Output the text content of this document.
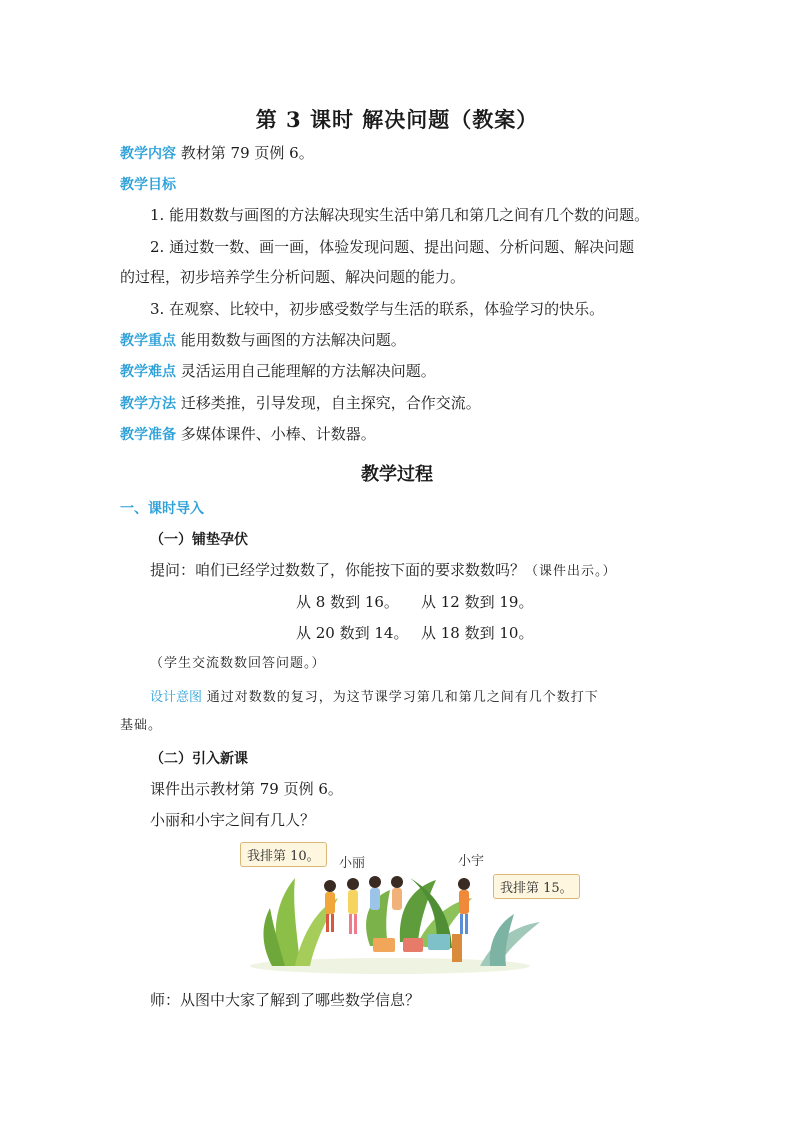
第 3 课时 解决问题（教案）
教学内容 教材第 79 页例 6。
教学目标
1. 能用数数与画图的方法解决现实生活中第几和第几之间有几个数的问题。
2. 通过数一数、画一画，体验发现问题、提出问题、分析问题、解决问题
的过程，初步培养学生分析问题、解决问题的能力。
3. 在观察、比较中，初步感受数学与生活的联系，体验学习的快乐。
教学重点 能用数数与画图的方法解决问题。
教学难点 灵活运用自己能理解的方法解决问题。
教学方法 迁移类推，引导发现，自主探究，合作交流。
教学准备 多媒体课件、小棒、计数器。
教学过程
一、课时导入
（一）铺垫孕伏
提问：咱们已经学过数数了，你能按下面的要求数数吗？（课件出示。）
从 8 数到 16。 从 12 数到 19。
从 20 数到 14。 从 18 数到 10。
（学生交流数数回答问题。）
设计意图 通过对数数的复习，为这节课学习第几和第几之间有几个数打下
基础。
（二）引入新课
课件出示教材第 79 页例 6。
小丽和小宇之间有几人？
我排第 10。	小丽	小宇
我排第 15。
师：从图中大家了解到了哪些数学信息？
